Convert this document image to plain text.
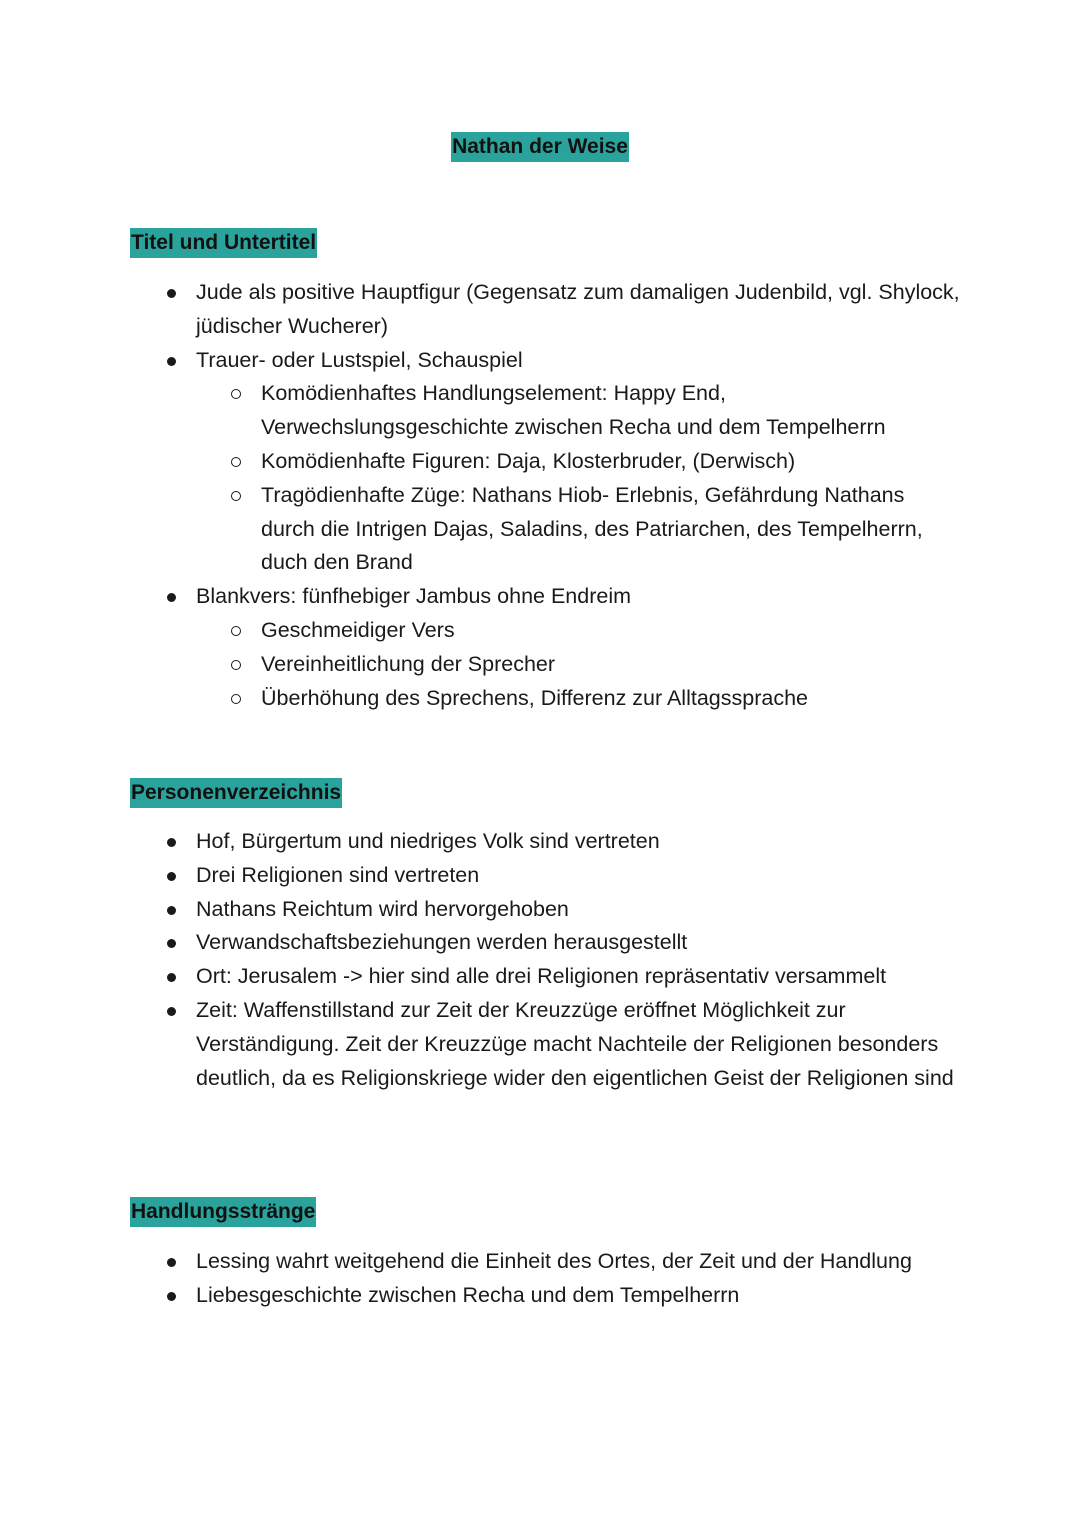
Nathan der Weise
Titel und Untertitel
Jude als positive Hauptfigur (Gegensatz zum damaligen Judenbild, vgl. Shylock, jüdischer Wucherer)
Trauer- oder Lustspiel, Schauspiel
Komödienhaftes Handlungselement: Happy End, Verwechslungsgeschichte zwischen Recha und dem Tempelherrn
Komödienhafte Figuren: Daja, Klosterbruder, (Derwisch)
Tragödienhafte Züge: Nathans Hiob- Erlebnis, Gefährdung Nathans durch die Intrigen Dajas, Saladins, des Patriarchen, des Tempelherrn, duch den Brand
Blankvers: fünfhebiger Jambus ohne Endreim
Geschmeidiger Vers
Vereinheitlichung der Sprecher
Überhöhung des Sprechens, Differenz zur Alltagssprache
Personenverzeichnis
Hof, Bürgertum und niedriges Volk sind vertreten
Drei Religionen sind vertreten
Nathans Reichtum wird hervorgehoben
Verwandschaftsbeziehungen werden herausgestellt
Ort: Jerusalem -> hier sind alle drei Religionen repräsentativ versammelt
Zeit: Waffenstillstand zur Zeit der Kreuzzüge eröffnet Möglichkeit zur Verständigung. Zeit der Kreuzzüge macht Nachteile der Religionen besonders deutlich, da es Religionskriege wider den eigentlichen Geist der Religionen sind
Handlungsstränge
Lessing wahrt weitgehend die Einheit des Ortes, der Zeit und der Handlung
Liebesgeschichte zwischen Recha und dem Tempelherrn
